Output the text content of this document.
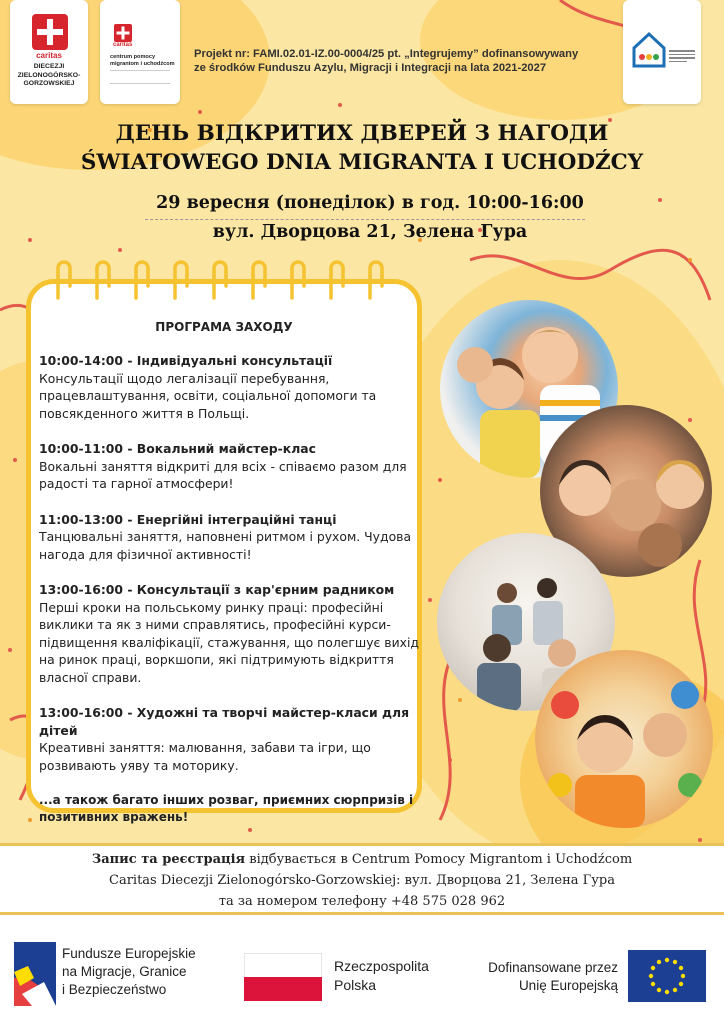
caritas
DIECEZJI
ZIELONOGÓRSKO-
GORZOWSKIEJ
caritas
centrum pomocy
migrantom i uchodźcom
Projekt nr: FAMI.02.01-IZ.00-0004/25 pt. „Integrujemy” dofinansowywany
ze środków Funduszu Azylu, Migracji i Integracji na lata 2021-2027
ДЕНЬ ВІДКРИТИХ ДВЕРЕЙ З НАГОДИ
ŚWIATOWEGO DNIA MIGRANTA I UCHODŹCY
29 вересня (понеділок) в год. 10:00-16:00
вул. Дворцова 21, Зелена Гура
ПРОГРАМА ЗАХОДУ
10:00-14:00 - Індивідуальні консультації
Консультації щодо легалізації перебування, працевлаштування, освіти, соціальної допомоги та повсякденного життя в Польщі.
10:00-11:00 - Вокальний майстер-клас
Вокальні заняття відкриті для всіх - співаємо разом для радості та гарної атмосфери!
11:00-13:00 - Енергійні інтеграційні танці
Танцювальні заняття, наповнені ритмом і рухом. Чудова нагода для фізичної активності!
13:00-16:00 - Консультації з кар'єрним радником
Перші кроки на польському ринку праці: професійні виклики та як з ними справлятись, професійні курси-підвищення кваліфікації, стажування, що полегшує вихід на ринок праці, воркшопи, які підтримують відкриття власної справи.
13:00-16:00 - Художні та творчі майстер-класи для дітей
Креативні заняття: малювання, забави та ігри, що розвивають уяву та моторику.
...а також багато інших розваг, приємних сюрпризів і позитивних вражень!
Запис та реєстрація відбувається в Centrum Pomocy Migrantom i Uchodźcom
Caritas Diecezji Zielonogórsko-Gorzowskiej: вул. Дворцова 21, Зелена Гура
та за номером телефону +48 575 028 962
Fundusze Europejskie
na Migracje, Granice
i Bezpieczeństwo
Rzeczpospolita
Polska
Dofinansowane przez
Unię Europejską
